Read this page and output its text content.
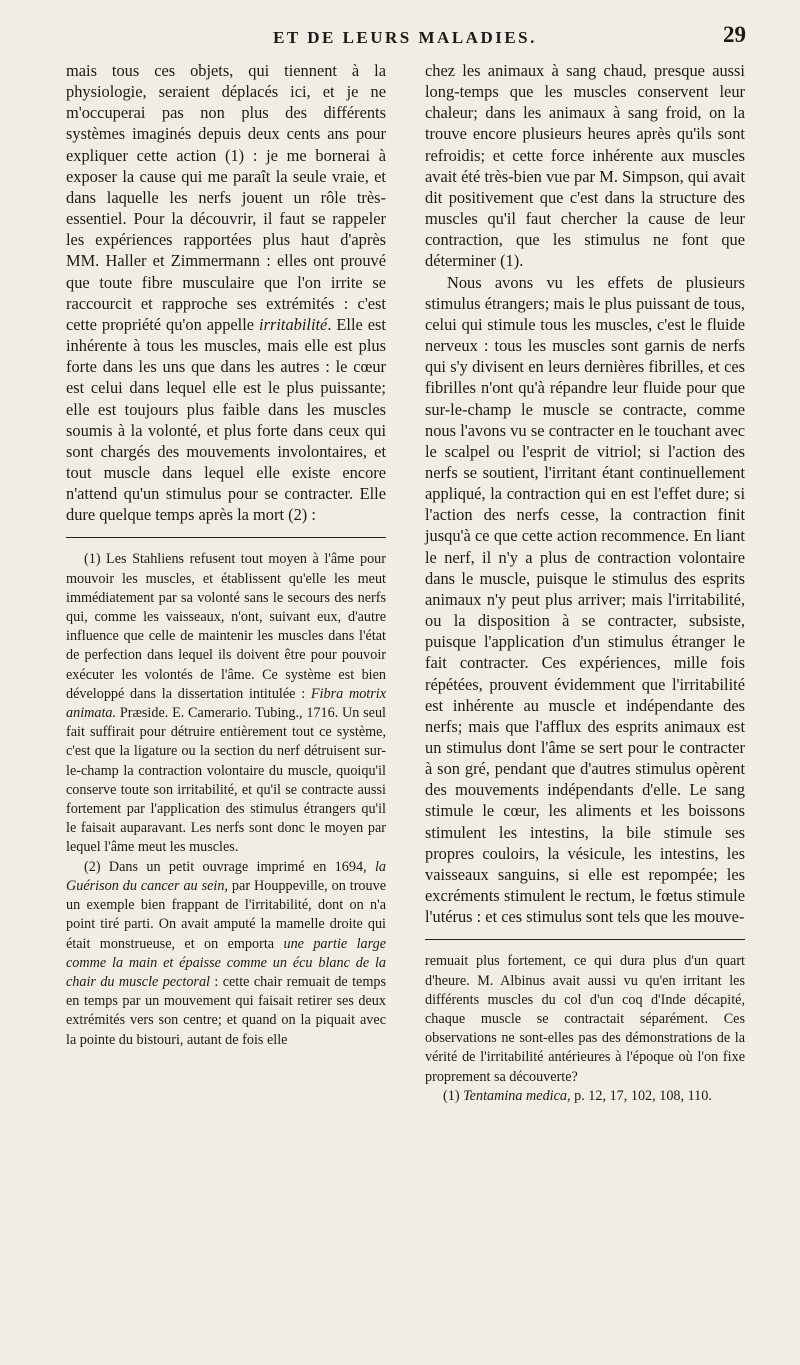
ET DE LEURS MALADIES.	29

mais tous ces objets, qui tiennent à la physiologie, seraient déplacés ici, et je ne m'occuperai pas non plus des différents systèmes imaginés depuis deux cents ans pour expliquer cette action (1) : je me bornerai à exposer la cause qui me paraît la seule vraie, et dans laquelle les nerfs jouent un rôle très-essentiel. Pour la découvrir, il faut se rappeler les expériences rapportées plus haut d'après MM. Haller et Zimmermann : elles ont prouvé que toute fibre musculaire que l'on irrite se raccourcit et rapproche ses extrémités : c'est cette propriété qu'on appelle irritabilité. Elle est inhérente à tous les muscles, mais elle est plus forte dans les uns que dans les autres : le cœur est celui dans lequel elle est le plus puissante; elle est toujours plus faible dans les muscles soumis à la volonté, et plus forte dans ceux qui sont chargés des mouvements involontaires, et tout muscle dans lequel elle existe encore n'attend qu'un stimulus pour se contracter. Elle dure quelque temps après la mort (2) :

(1) Les Stahliens refusent tout moyen à l'âme pour mouvoir les muscles, et établissent qu'elle les meut immédiatement par sa volonté sans le secours des nerfs qui, comme les vaisseaux, n'ont, suivant eux, d'autre influence que celle de maintenir les muscles dans l'état de perfection dans lequel ils doivent être pour pouvoir exécuter les volontés de l'âme. Ce système est bien développé dans la dissertation intitulée : Fibra motrix animata. Præside. E. Camerario. Tubing., 1716. Un seul fait suffirait pour détruire entièrement tout ce système, c'est que la ligature ou la section du nerf détruisent sur-le-champ la contraction volontaire du muscle, quoiqu'il conserve toute son irritabilité, et qu'il se contracte aussi fortement par l'application des stimulus étrangers qu'il le faisait auparavant. Les nerfs sont donc le moyen par lequel l'âme meut les muscles.

(2) Dans un petit ouvrage imprimé en 1694, la Guérison du cancer au sein, par Houppeville, on trouve un exemple bien frappant de l'irritabilité, dont on n'a point tiré parti. On avait amputé la mamelle droite qui était monstrueuse, et on emporta une partie large comme la main et épaisse comme un écu blanc de la chair du muscle pectoral : cette chair remuait de temps en temps par un mouvement qui faisait retirer ses deux extrémités vers son centre; et quand on la piquait avec la pointe du bistouri, autant de fois elle

chez les animaux à sang chaud, presque aussi long-temps que les muscles conservent leur chaleur; dans les animaux à sang froid, on la trouve encore plusieurs heures après qu'ils sont refroidis; et cette force inhérente aux muscles avait été très-bien vue par M. Simpson, qui avait dit positivement que c'est dans la structure des muscles qu'il faut chercher la cause de leur contraction, que les stimulus ne font que déterminer (1).

Nous avons vu les effets de plusieurs stimulus étrangers; mais le plus puissant de tous, celui qui stimule tous les muscles, c'est le fluide nerveux : tous les muscles sont garnis de nerfs qui s'y divisent en leurs dernières fibrilles, et ces fibrilles n'ont qu'à répandre leur fluide pour que sur-le-champ le muscle se contracte, comme nous l'avons vu se contracter en le touchant avec le scalpel ou l'esprit de vitriol; si l'action des nerfs se soutient, l'irritant étant continuellement appliqué, la contraction qui en est l'effet dure; si l'action des nerfs cesse, la contraction finit jusqu'à ce que cette action recommence. En liant le nerf, il n'y a plus de contraction volontaire dans le muscle, puisque le stimulus des esprits animaux n'y peut plus arriver; mais l'irritabilité, ou la disposition à se contracter, subsiste, puisque l'application d'un stimulus étranger le fait contracter. Ces expériences, mille fois répétées, prouvent évidemment que l'irritabilité est inhérente au muscle et indépendante des nerfs; mais que l'afflux des esprits animaux est un stimulus dont l'âme se sert pour le contracter à son gré, pendant que d'autres stimulus opèrent des mouvements indépendants d'elle. Le sang stimule le cœur, les aliments et les boissons stimulent les intestins, la bile stimule ses propres couloirs, la vésicule, les intestins, les vaisseaux sanguins, si elle est repompée; les excréments stimulent le rectum, le fœtus stimule l'utérus : et ces stimulus sont tels que les mouve-

remuait plus fortement, ce qui dura plus d'un quart d'heure. M. Albinus avait aussi vu qu'en irritant les différents muscles du col d'un coq d'Inde décapité, chaque muscle se contractait séparément. Ces observations ne sont-elles pas des démonstrations de la vérité de l'irritabilité antérieures à l'époque où l'on fixe proprement sa découverte?

(1) Tentamina medica, p. 12, 17, 102, 108, 110.
